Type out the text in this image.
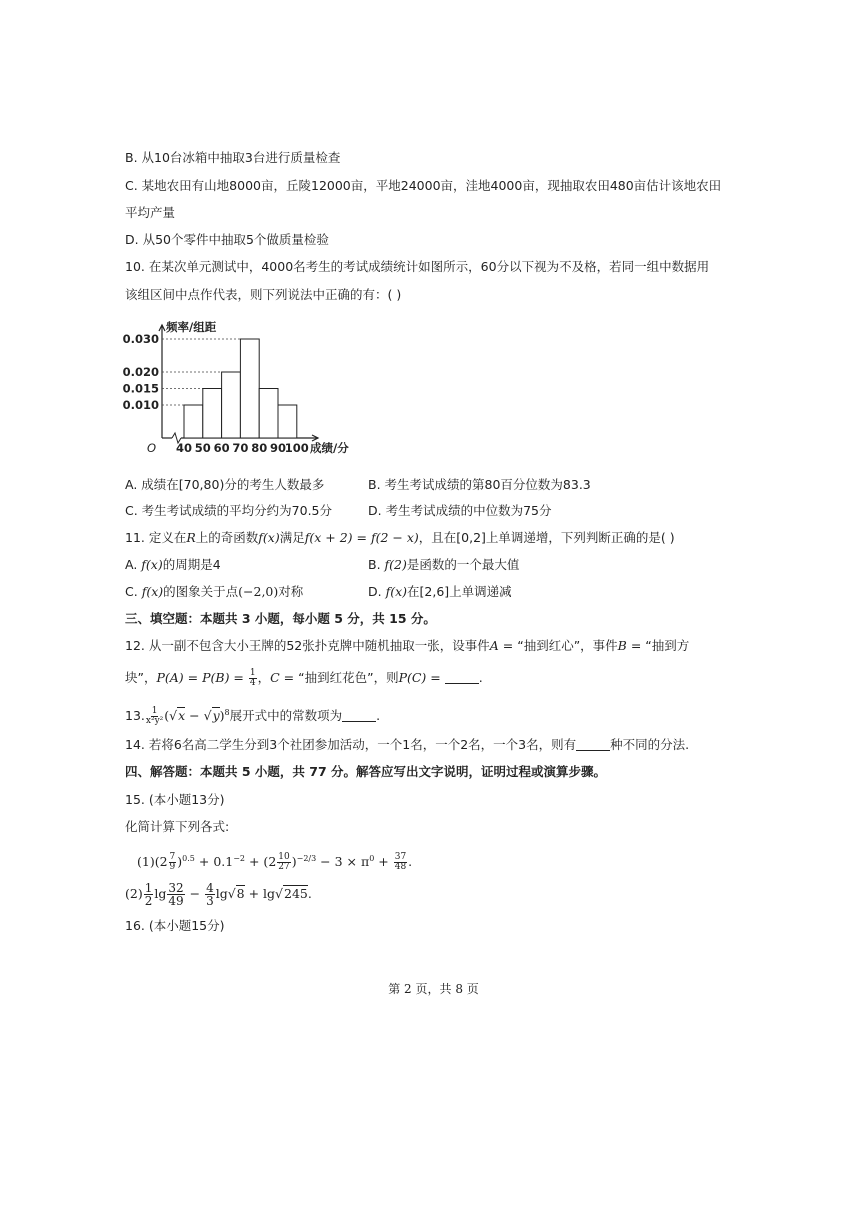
B. 从10台冰箱中抽取3台进行质量检查
C. 某地农田有山地8000亩，丘陵12000亩，平地24000亩，洼地4000亩，现抽取农田480亩估计该地农田
平均产量
D. 从50个零件中抽取5个做质量检验
10. 在某次单元测试中，4000名考生的考试成绩统计如图所示，60分以下视为不及格，若同一组中数据用
该组区间中点作代表，则下列说法中正确的有：( )
频率/组距
成绩/分
O
0.030
0.020
0.015
0.010
40 50 60 70 80 90
100
A. 成绩在[70,80)分的考生人数最多	B. 考生考试成绩的第80百分位数为83.3
C. 考生考试成绩的平均分约为70.5分	D. 考生考试成绩的中位数为75分
11. 定义在R上的奇函数f(x)满足f(x + 2) = f(2 − x)，且在[0,2]上单调递增，下列判断正确的是( )
A. f(x)的周期是4	B. f(2)是函数的一个最大值
C. f(x)的图象关于点(−2,0)对称	D. f(x)在[2,6]上单调递减
三、填空题：本题共 3 小题，每小题 5 分，共 15 分。
12. 从一副不包含大小王牌的52张扑克牌中随机抽取一张，设事件A = “抽到红心”，事件B = “抽到方
块”，$P(A) = P(B) = \frac{1}{4}$ ，C = “抽到红花色”，则P(C) =	.
13. $\frac{1}{\text{x²y²}} (√x - √y)^8$展开式中的常数项为	.
14. 若将6名高二学生分到3个社团参加活动，一个1名，一个2名，一个3名，则有	种不同的分法.
四、解答题：本题共 5 小题，共 77 分。解答应写出文字说明，证明过程或演算步骤。
15. (本小题13分)
化简计算下列各式:
$(1)(2 \frac{7}{9} )^{0.5} + 0.1^{-2} + (2 \frac{10}{27} )^{-2/3} - 3 \times \pi^0 + \frac{37}{48}$ .
$(2) \frac{1}{2}$ $\lg \frac{32}{49} - \frac{4}{3} \lg√8 + \lg√245$.
16. (本小题15分)
第 2 页，共 8 页
